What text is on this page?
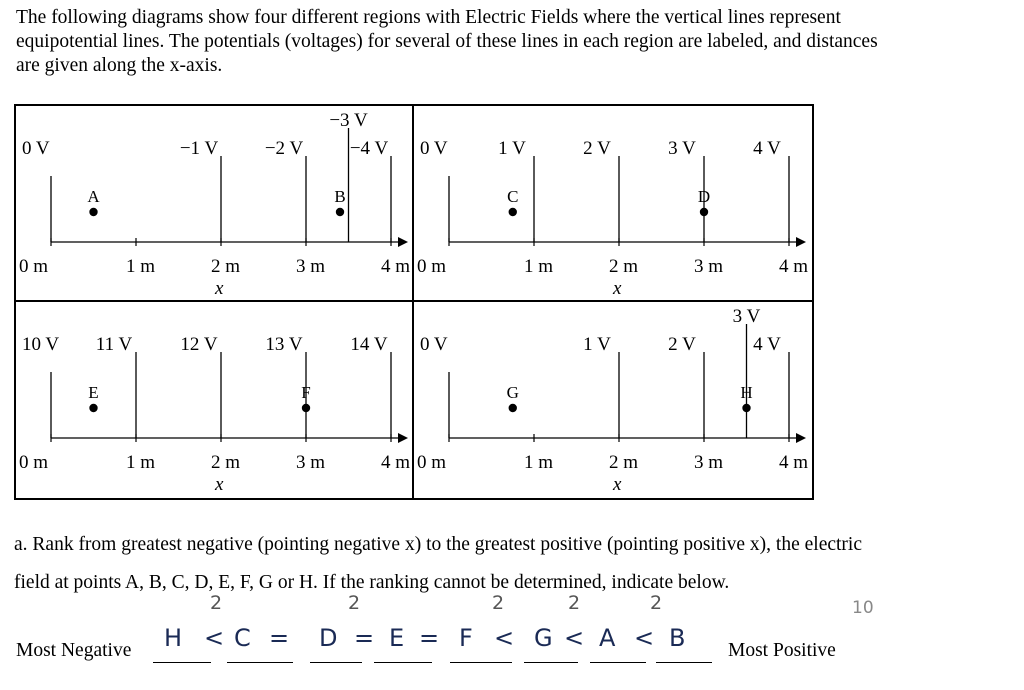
The following diagrams show four different regions with Electric Fields where the vertical lines represent
equipotential lines. The potentials (voltages) for several of these lines in each region are labeled, and distances
are given along the x-axis.
0 V	−1 V −2 V
−3 V
−4 V
0 m	1 m	2 m	3 m	4 m
x
A	B
0 V	1 V	2 V	3 V	4 V
0 m	1 m	2 m	3 m	4 m
x
C	D
10 V 11 V	12 V	13 V	14 V
0 m	1 m	2 m	3 m	4 m
x
E	F
0 V	1 V	2 V
3 V
4 V
0 m	1 m	2 m	3 m	4 m
x
G	H
a. Rank from greatest negative (pointing negative x) to the greatest positive (pointing positive x), the electric
field at points A, B, C, D, E, F, G or H. If the ranking cannot be determined, indicate below.
Most Negative	Most Positive
H < C = D = E = F < G < A < B
2	2	2	2	2	10
